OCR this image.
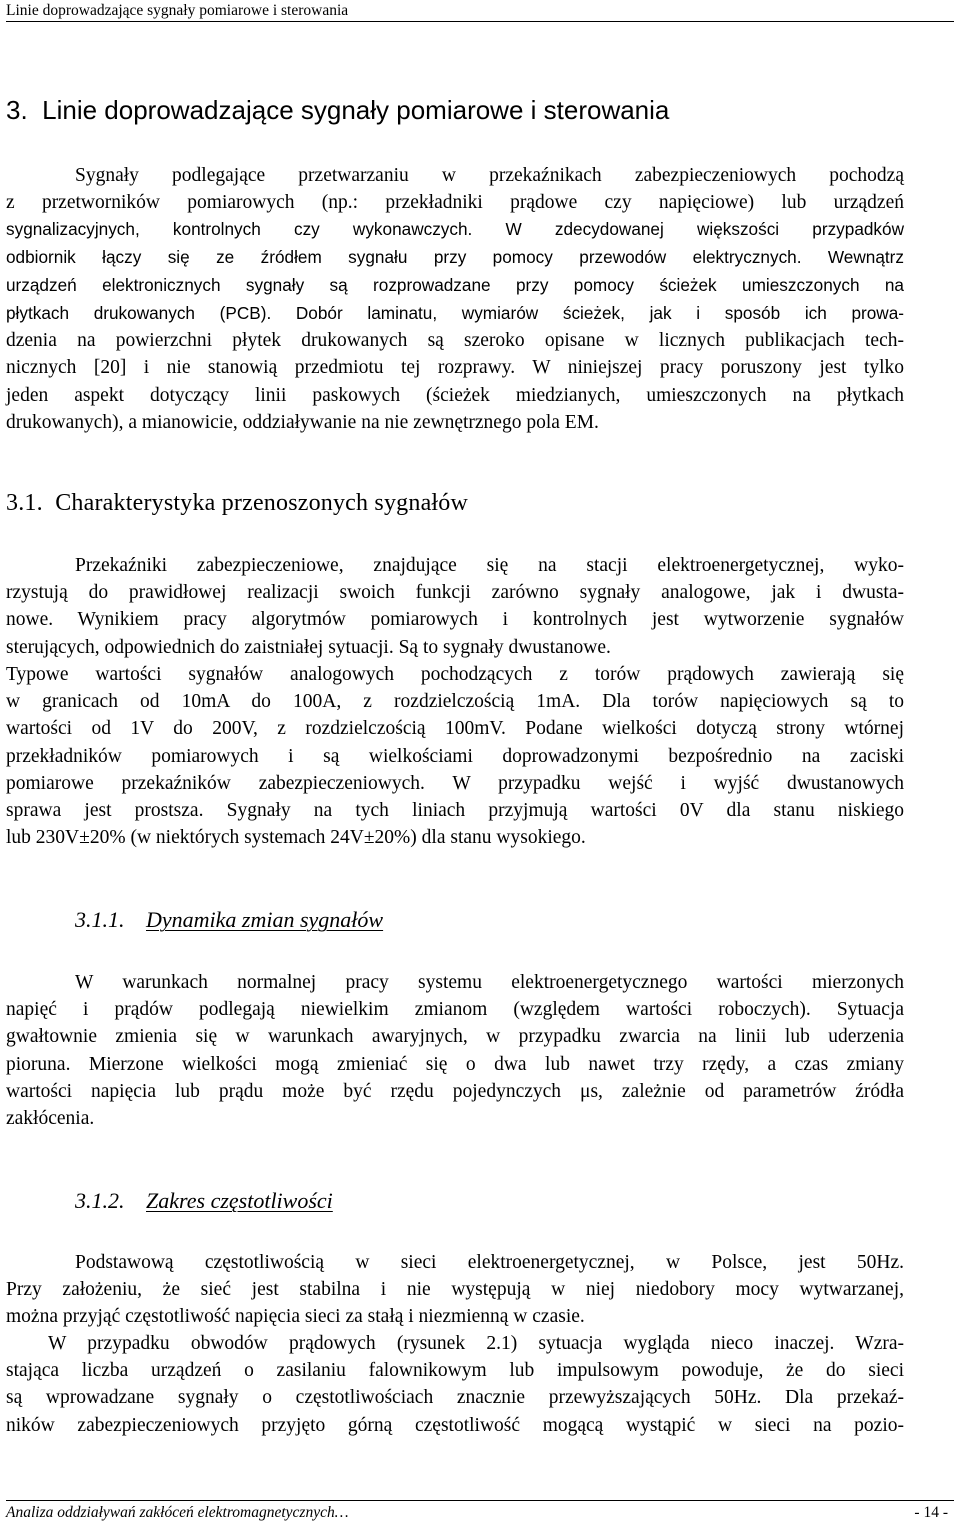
Linie doprowadzające sygnały pomiarowe i sterowania
3. Linie doprowadzające sygnały pomiarowe i sterowania
Sygnały podlegające przetwarzaniu w przekaźnikach zabezpieczeniowych pochodzą
z przetworników pomiarowych (np.: przekładniki prądowe czy napięciowe) lub urządzeń
sygnalizacyjnych, kontrolnych czy wykonawczych. W zdecydowanej większości przypadków
odbiornik łączy się ze źródłem sygnału przy pomocy przewodów elektrycznych. Wewnątrz
urządzeń elektronicznych sygnały są rozprowadzane przy pomocy ścieżek umieszczonych na
płytkach drukowanych (PCB). Dobór laminatu, wymiarów ścieżek, jak i sposób ich prowa-
dzenia na powierzchni płytek drukowanych są szeroko opisane w licznych publikacjach tech-
nicznych [20] i nie stanowią przedmiotu tej rozprawy. W niniejszej pracy poruszony jest tylko
jeden aspekt dotyczący linii paskowych (ścieżek miedzianych, umieszczonych na płytkach
drukowanych), a mianowicie, oddziaływanie na nie zewnętrznego pola EM.
3.1. Charakterystyka przenoszonych sygnałów
Przekaźniki zabezpieczeniowe, znajdujące się na stacji elektroenergetycznej, wyko-
rzystują do prawidłowej realizacji swoich funkcji zarówno sygnały analogowe, jak i dwusta-
nowe. Wynikiem pracy algorytmów pomiarowych i kontrolnych jest wytworzenie sygnałów
sterujących, odpowiednich do zaistniałej sytuacji. Są to sygnały dwustanowe.
Typowe wartości sygnałów analogowych pochodzących z torów prądowych zawierają się
w granicach od 10mA do 100A, z rozdzielczością 1mA. Dla torów napięciowych są to
wartości od 1V do 200V, z rozdzielczością 100mV. Podane wielkości dotyczą strony wtórnej
przekładników pomiarowych i są wielkościami doprowadzonymi bezpośrednio na zaciski
pomiarowe przekaźników zabezpieczeniowych. W przypadku wejść i wyjść dwustanowych
sprawa jest prostsza. Sygnały na tych liniach przyjmują wartości 0V dla stanu niskiego
lub 230V±20% (w niektórych systemach 24V±20%) dla stanu wysokiego.
3.1.1. Dynamika zmian sygnałów
W warunkach normalnej pracy systemu elektroenergetycznego wartości mierzonych
napięć i prądów podlegają niewielkim zmianom (względem wartości roboczych). Sytuacja
gwałtownie zmienia się w warunkach awaryjnych, w przypadku zwarcia na linii lub uderzenia
pioruna. Mierzone wielkości mogą zmieniać się o dwa lub nawet trzy rzędy, a czas zmiany
wartości napięcia lub prądu może być rzędu pojedynczych μs, zależnie od parametrów źródła
zakłócenia.
3.1.2. Zakres częstotliwości
Podstawową częstotliwością w sieci elektroenergetycznej, w Polsce, jest 50Hz.
Przy założeniu, że sieć jest stabilna i nie występują w niej niedobory mocy wytwarzanej,
można przyjąć częstotliwość napięcia sieci za stałą i niezmienną w czasie.
W przypadku obwodów prądowych (rysunek 2.1) sytuacja wygląda nieco inaczej. Wzra-
stająca liczba urządzeń o zasilaniu falownikowym lub impulsowym powoduje, że do sieci
są wprowadzane sygnały o częstotliwościach znacznie przewyższających 50Hz. Dla przekaź-
ników zabezpieczeniowych przyjęto górną częstotliwość mogącą wystąpić w sieci na pozio-
Analiza oddziaływań zakłóceń elektromagnetycznych…	- 14 -
